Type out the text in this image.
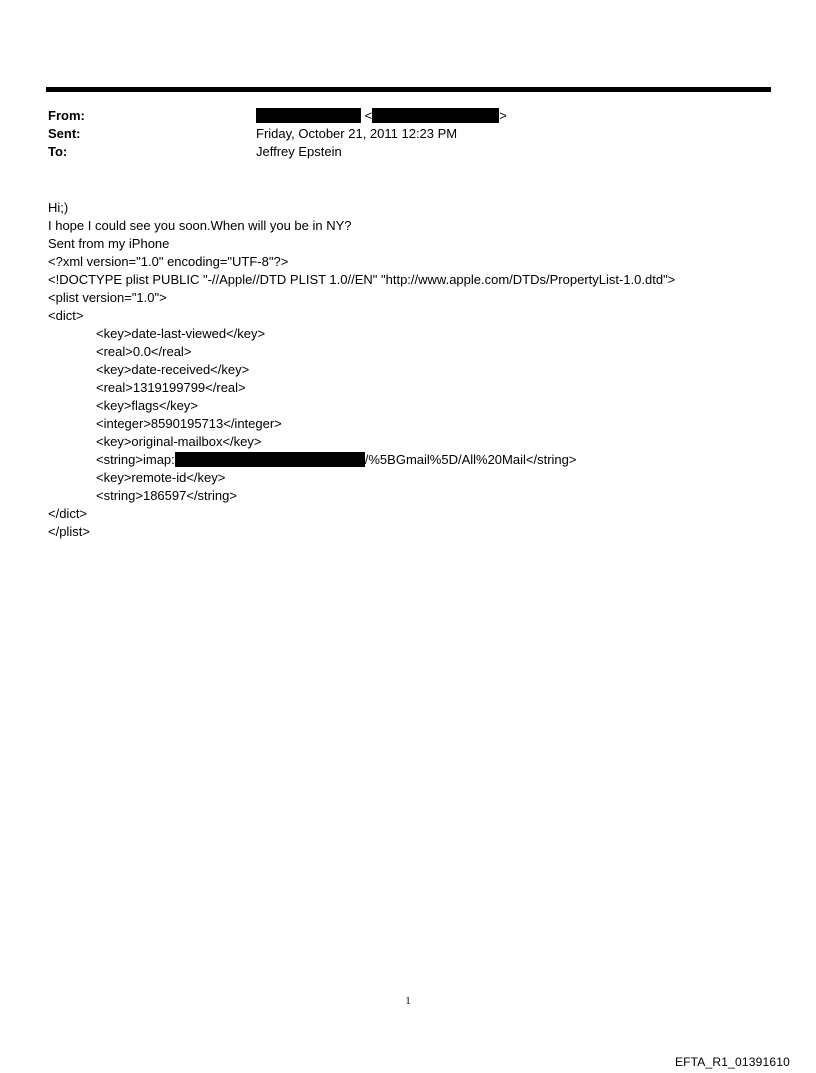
From:	<	>
Sent:	Friday, October 21, 2011 12:23 PM
To:	Jeffrey Epstein
Hi;)
I hope I could see you soon.When will you be in NY?
Sent from my iPhone
<?xml version="1.0" encoding="UTF-8"?>
<!DOCTYPE plist PUBLIC "-//Apple//DTD PLIST 1.0//EN" "http://www.apple.com/DTDs/PropertyList-1.0.dtd">
<plist version="1.0">
<dict>
<key>date-last-viewed</key>
<real>0.0</real>
<key>date-received</key>
<real>1319199799</real>
<key>flags</key>
<integer>8590195713</integer>
<key>original-mailbox</key>
<string>imap:	/%5BGmail%5D/All%20Mail</string>
<key>remote-id</key>
<string>186597</string>
</dict>
</plist>
1
EFTA_R1_01391610
